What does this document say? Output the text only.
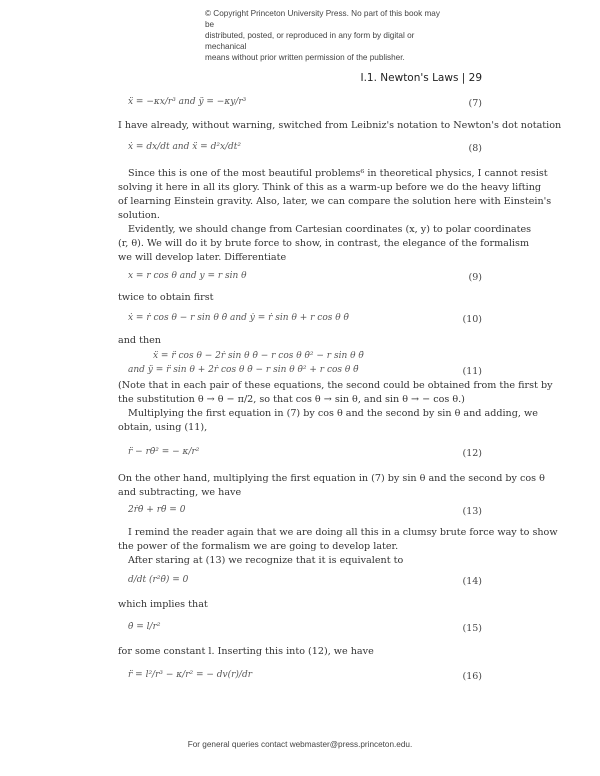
© Copyright Princeton University Press. No part of this book may be
distributed, posted, or reproduced in any form by digital or mechanical
means without prior written permission of the publisher.
I.1. Newton's Laws | 29
ẍ = −κx/r³ and ÿ = −κy/r³	(7)
I have already, without warning, switched from Leibniz's notation to Newton's dot notation
ẋ = dx/dt and ẍ = d²x/dt²	(8)
Since this is one of the most beautiful problems⁶ in theoretical physics, I cannot resist
solving it here in all its glory. Think of this as a warm-up before we do the heavy lifting
of learning Einstein gravity. Also, later, we can compare the solution here with Einstein's
solution.
Evidently, we should change from Cartesian coordinates (x, y) to polar coordinates
(r, θ). We will do it by brute force to show, in contrast, the elegance of the formalism
we will develop later. Differentiate
x = r cos θ and y = r sin θ	(9)
twice to obtain first
ẋ = ṙ cos θ − r sin θ θ̇ and ẏ = ṙ sin θ + r cos θ θ̇	(10)
and then
ẍ = r̈ cos θ − 2ṙ sin θ θ̇ − r cos θ θ̇² − r sin θ θ̈
and ÿ = r̈ sin θ + 2ṙ cos θ θ̇ − r sin θ θ̇² + r cos θ θ̈	(11)
(Note that in each pair of these equations, the second could be obtained from the first by
the substitution θ → θ − π/2, so that cos θ → sin θ, and sin θ → − cos θ.)
Multiplying the first equation in (7) by cos θ and the second by sin θ and adding, we
obtain, using (11),
r̈ − rθ̇² = − κ/r²	(12)
On the other hand, multiplying the first equation in (7) by sin θ and the second by cos θ
and subtracting, we have
2ṙθ̇ + rθ̈ = 0	(13)
I remind the reader again that we are doing all this in a clumsy brute force way to show
the power of the formalism we are going to develop later.
After staring at (13) we recognize that it is equivalent to
d/dt (r²θ̇) = 0	(14)
which implies that
θ̇ = l/r²	(15)
for some constant l. Inserting this into (12), we have
r̈ = l²/r³ − κ/r² = − dv(r)/dr	(16)
For general queries contact webmaster@press.princeton.edu.
